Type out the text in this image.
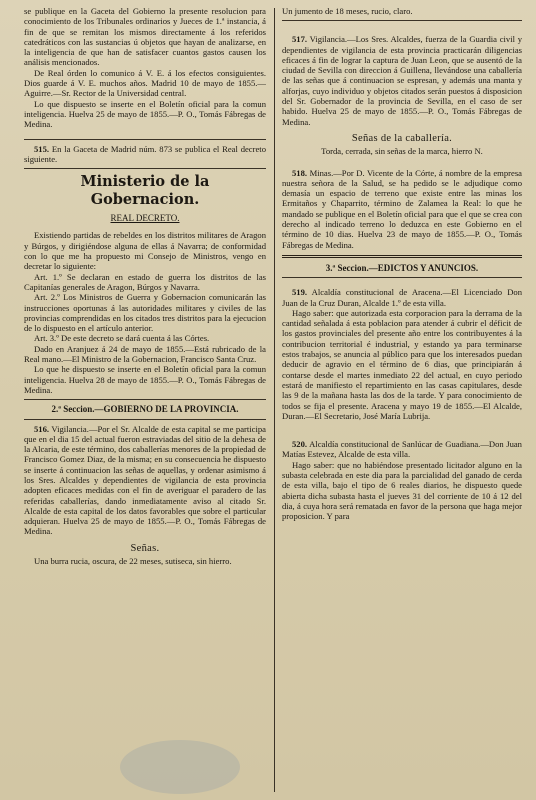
se publique en la Gaceta del Gobierno la presente resolucion para conocimiento de los Tribunales ordinarios y Jueces de 1.ª instancia, á fin de que se remitan los mismos directamente á los referidos catedráticos con las sustancias ú objetos que hayan de analizarse, en la inteligencia de que han de satisfacer cuantos gastos causen los análisis mencionados.

De Real órden lo comunico á V. E. á los efectos consiguientes. Dios guarde á V. E. muchos años. Madrid 10 de mayo de 1855.—Aguirre.—Sr. Rector de la Universidad central.

Lo que dispuesto se inserte en el Boletín oficial para la comun inteligencia. Huelva 25 de mayo de 1855.—P. O., Tomás Fábregas de Medina.

515. En la Gaceta de Madrid núm. 873 se publica el Real decreto siguiente.

Ministerio de la Gobernacion.

REAL DECRETO.

Existiendo partidas de rebeldes en los distritos militares de Aragon y Búrgos, y dirigiéndose alguna de ellas á Navarra; de conformidad con lo que me ha propuesto mi Consejo de Ministros, vengo en decretar lo siguiente:

Art. 1.º Se declaran en estado de guerra los distritos de las Capitanías generales de Aragon, Búrgos y Navarra.

Art. 2.º Los Ministros de Guerra y Gobernacion comunicarán las instrucciones oportunas á las autoridades militares y civiles de las provincias comprendidas en los citados tres distritos para la ejecucion de lo dispuesto en el artículo anterior.

Art. 3.º De este decreto se dará cuenta á las Córtes.

Dado en Aranjuez á 24 de mayo de 1855.—Está rubricado de la Real mano.—El Ministro de la Gobernacion, Francisco Santa Cruz.

Lo que he dispuesto se inserte en el Boletín oficial para la comun inteligencia. Huelva 28 de mayo de 1855.—P. O., Tomás Fábregas de Medina.

2.ª Seccion.—GOBIERNO DE LA PROVINCIA.

516. Vigilancia.—Por el Sr. Alcalde de esta capital se me participa que en el dia 15 del actual fueron estraviadas del sitio de la dehesa de la Alcaria, de este término, dos caballerías menores de la propiedad de Francisco Gomez Diaz, de la misma; en su consecuencia he dispuesto se inserte á continuacion las señas de aquellas, y ordenar asimismo á los Sres. Alcaldes y dependientes de vigilancia de esta provincia adopten eficaces medidas con el fin de averiguar el paradero de las referidas caballerías, dando inmediatamente aviso al citado Sr. Alcalde de esta capital de los datos favorables que sobre el particular adquieran. Huelva 25 de mayo de 1855.—P. O., Tomás Fábregas de Medina.

Señas.

Una burra rucia, oscura, de 22 meses, sutiseca, sin hierro.

Un jumento de 18 meses, rucio, claro.

517. Vigilancia.—Los Sres. Alcaldes, fuerza de la Guardia civil y dependientes de vigilancia de esta provincia practicarán diligencias eficaces á fin de lograr la captura de Juan Leon, que se ausentó de la ciudad de Sevilla con direccion á Guillena, llevándose una caballería de las señas que á continuacion se espresan, y además una manta y alforjas, cuyo individuo y objetos citados serán puestos á disposicion del Sr. Gobernador de la provincia de Sevilla, en el caso de ser habido. Huelva 25 de mayo de 1855.—P. O., Tomás Fábregas de Medina.

Señas de la caballería.

Torda, cerrada, sin señas de la marca, hierro N.

518. Minas.—Por D. Vicente de la Córte, á nombre de la empresa nuestra señora de la Salud, se ha pedido se le adjudique como demasía un espacio de terreno que existe entre las minas los Ermitaños y Chaparrito, término de Zalamea la Real: lo que he mandado se publique en el Boletín oficial para que el que se crea con derecho al indicado terreno lo deduzca en este Gobierno en el término de 10 dias. Huelva 23 de mayo de 1855.—P. O., Tomás Fábregas de Medina.

3.ª Seccion.—EDICTOS Y ANUNCIOS.

519. Alcaldía constitucional de Aracena.—El Licenciado Don Juan de la Cruz Duran, Alcalde 1.º de esta villa.

Hago saber: que autorizada esta corporacion para la derrama de la cantidad señalada á esta poblacion para atender á cubrir el déficit de los gastos provinciales del presente año entre los contribuyentes á la contribucion territorial é industrial, y estando ya para terminarse estos trabajos, se anuncia al público para que los interesados puedan deducir de agravio en el término de 6 dias, que principiarán á contarse desde el martes inmediato 22 del actual, en cuyo periodo estará de manifiesto el repartimiento en las casas capitulares, desde las 9 de la mañana hasta las dos de la tarde. Y para conocimiento de todos se fija el presente. Aracena y mayo 19 de 1855.—El Alcalde, Duran.—El Secretario, José María Lubrija.

520. Alcaldía constitucional de Sanlúcar de Guadiana.—Don Juan Matías Estevez, Alcalde de esta villa.

Hago saber: que no habiéndose presentado licitador alguno en la subasta celebrada en este dia para la parcialidad del ganado de cerda de esta villa, bajo el tipo de 6 reales diarios, he dispuesto quede abierta dicha subasta hasta el jueves 31 del corriente de 10 á 12 del dia, á cuya hora será rematada en favor de la persona que haga mejor proposicion. Y para
